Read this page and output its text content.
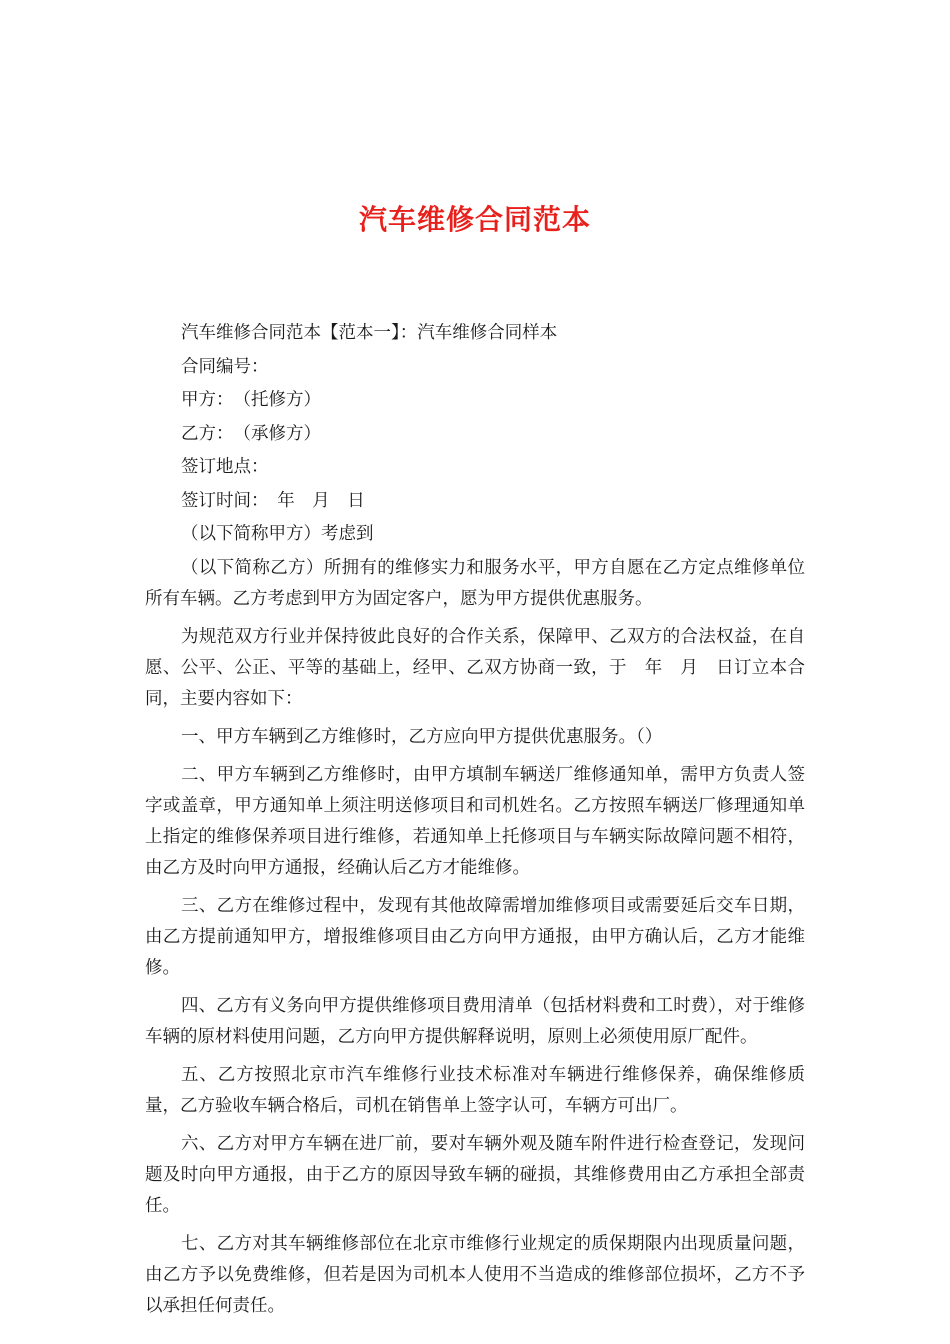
汽车维修合同范本

汽车维修合同范本【范本一】：汽车维修合同样本

合同编号：

甲方：　（托修方）

乙方：　（承修方）

签订地点：

签订时间：　年　月　日

（以下简称甲方）考虑到

（以下简称乙方）所拥有的维修实力和服务水平，甲方自愿在乙方定点维修单位所有车辆。乙方考虑到甲方为固定客户，愿为甲方提供优惠服务。

为规范双方行业并保持彼此良好的合作关系，保障甲、乙双方的合法权益，在自愿、公平、公正、平等的基础上，经甲、乙双方协商一致，于　年　月　日订立本合同，主要内容如下：

一、甲方车辆到乙方维修时，乙方应向甲方提供优惠服务。（）

二、甲方车辆到乙方维修时，由甲方填制车辆送厂维修通知单，需甲方负责人签字或盖章，甲方通知单上须注明送修项目和司机姓名。乙方按照车辆送厂修理通知单上指定的维修保养项目进行维修，若通知单上托修项目与车辆实际故障问题不相符，由乙方及时向甲方通报，经确认后乙方才能维修。

三、乙方在维修过程中，发现有其他故障需增加维修项目或需要延后交车日期，由乙方提前通知甲方，增报维修项目由乙方向甲方通报，由甲方确认后，乙方才能维修。

四、乙方有义务向甲方提供维修项目费用清单（包括材料费和工时费），对于维修车辆的原材料使用问题，乙方向甲方提供解释说明，原则上必须使用原厂配件。

五、乙方按照北京市汽车维修行业技术标准对车辆进行维修保养，确保维修质量，乙方验收车辆合格后，司机在销售单上签字认可，车辆方可出厂。

六、乙方对甲方车辆在进厂前，要对车辆外观及随车附件进行检查登记，发现问题及时向甲方通报，由于乙方的原因导致车辆的碰损，其维修费用由乙方承担全部责任。

七、乙方对其车辆维修部位在北京市维修行业规定的质保期限内出现质量问题，由乙方予以免费维修，但若是因为司机本人使用不当造成的维修部位损坏，乙方不予以承担任何责任。
